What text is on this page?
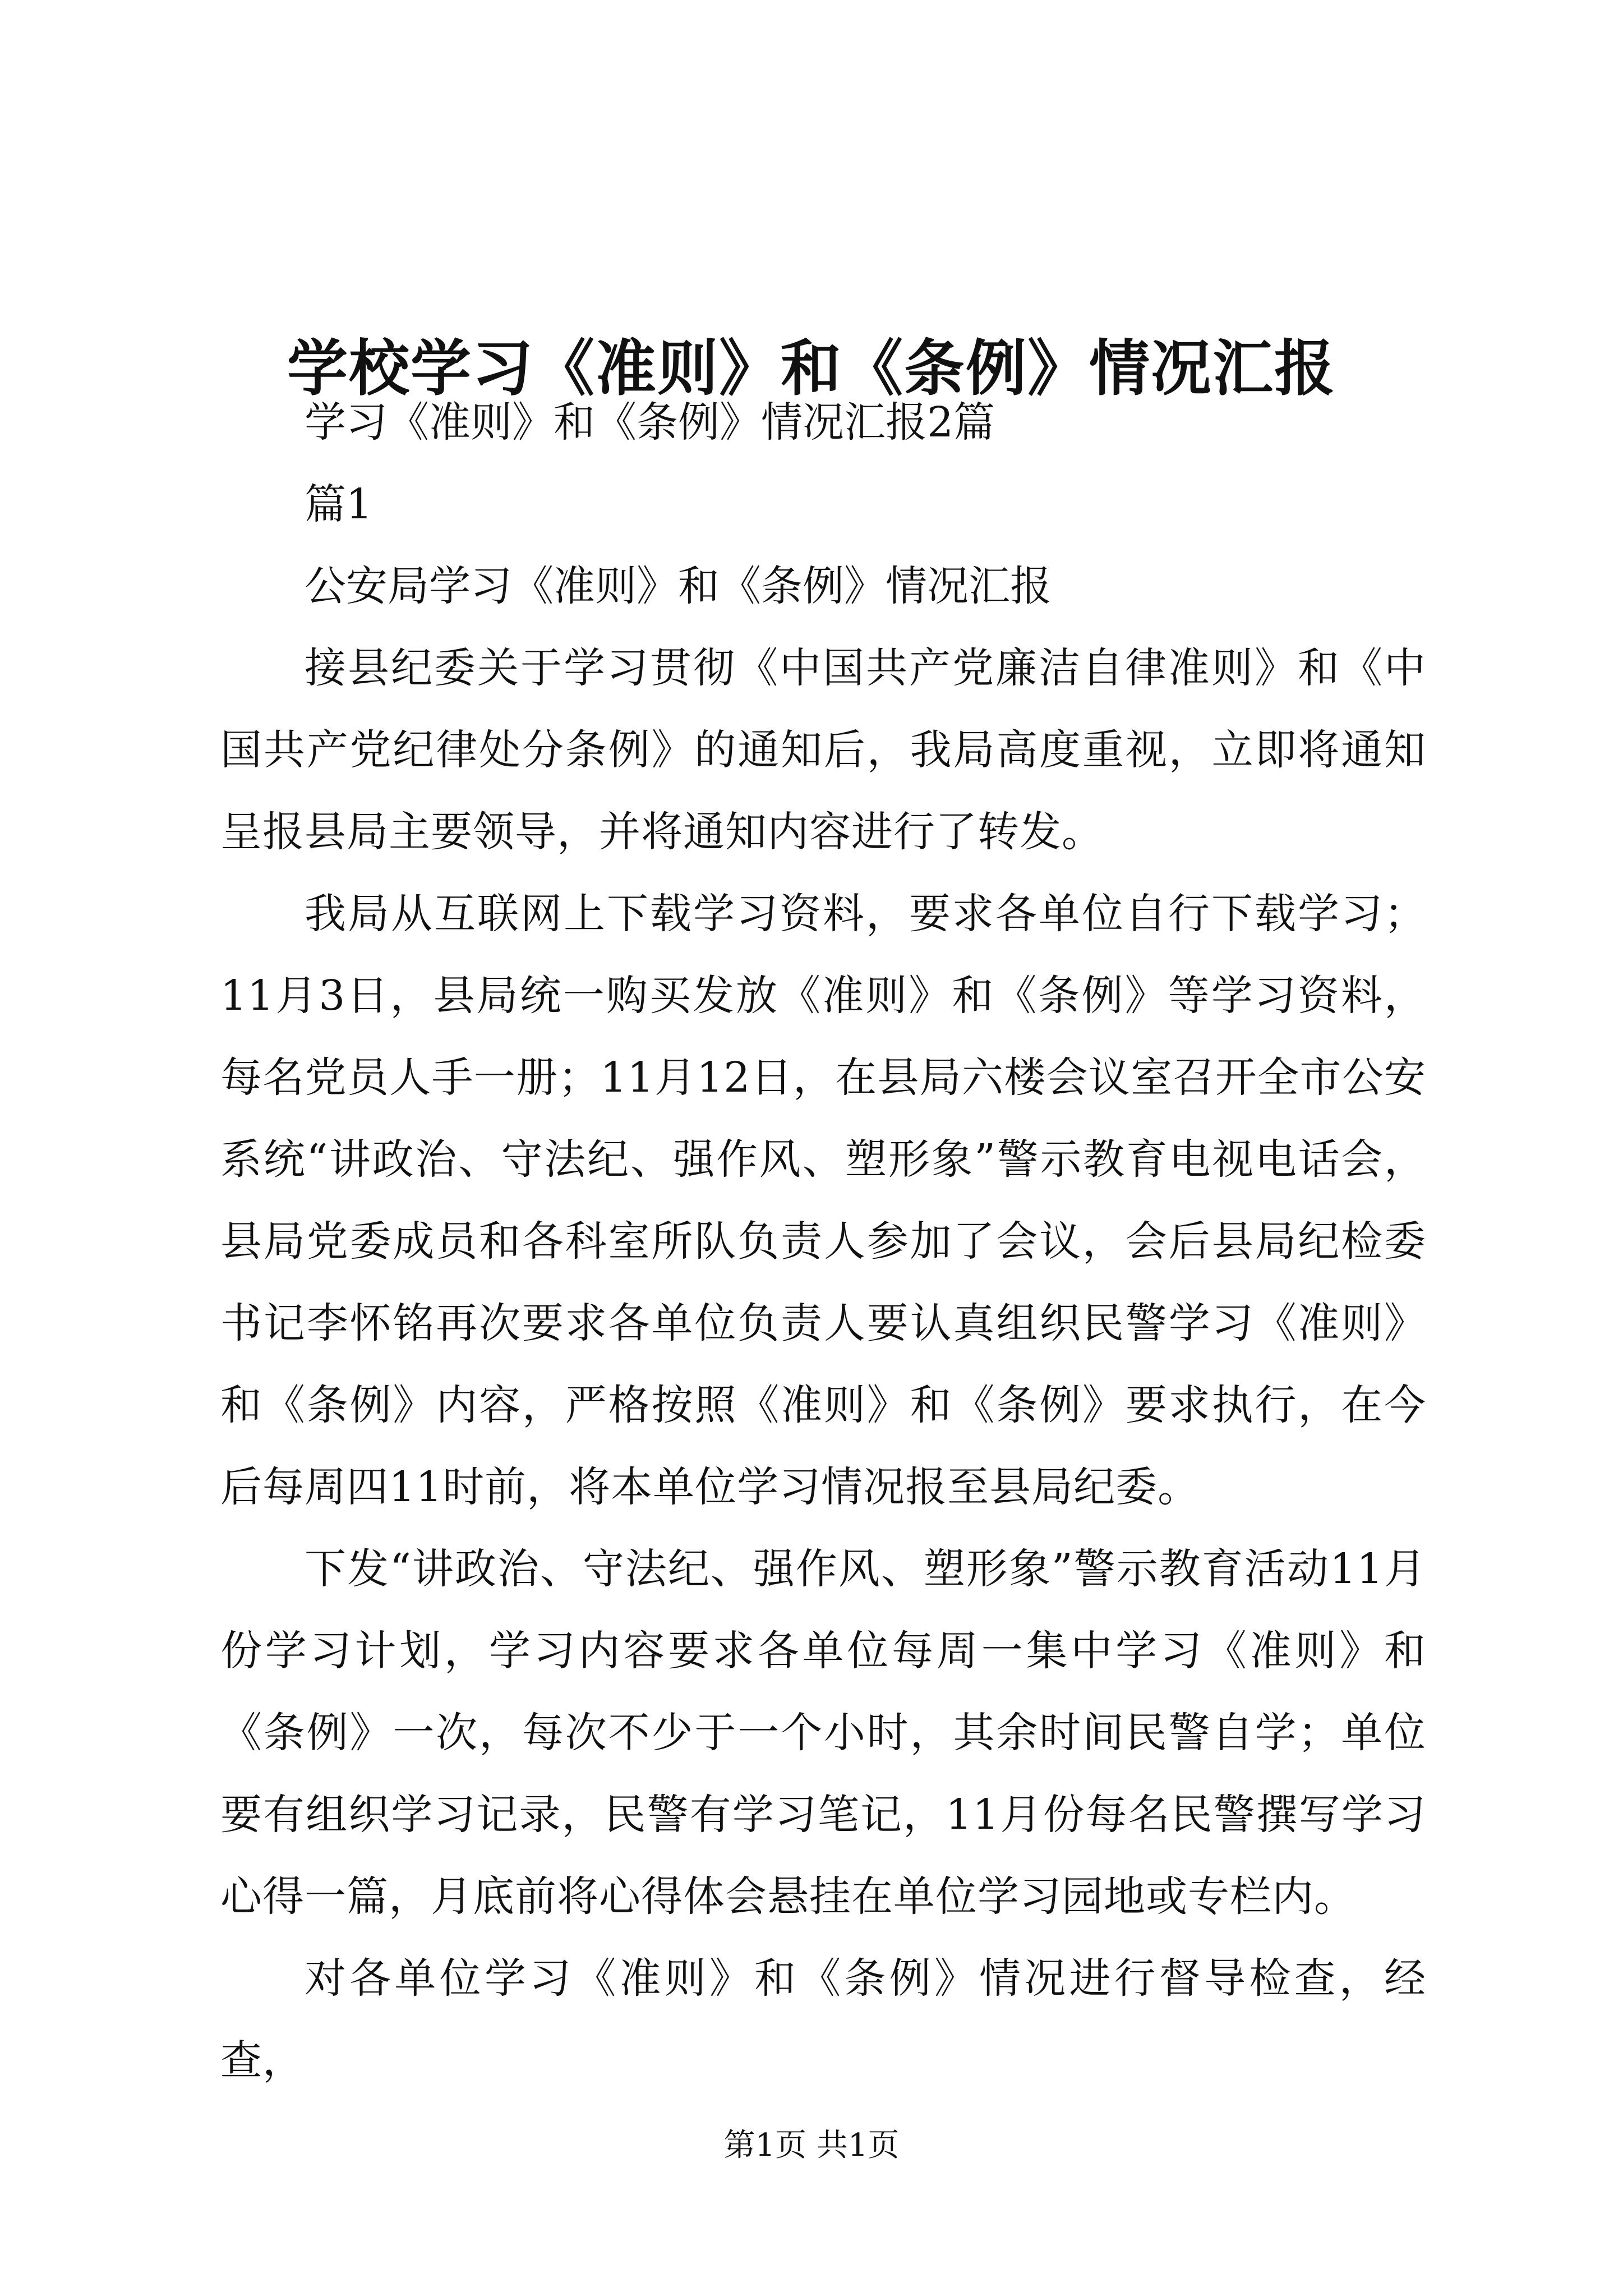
学校学习《准则》和《条例》情况汇报

学习《准则》和《条例》情况汇报2篇

篇1

公安局学习《准则》和《条例》情况汇报

接县纪委关于学习贯彻《中国共产党廉洁自律准则》和《中国共产党纪律处分条例》的通知后，我局高度重视，立即将通知呈报县局主要领导，并将通知内容进行了转发。

我局从互联网上下载学习资料，要求各单位自行下载学习；11月3日，县局统一购买发放《准则》和《条例》等学习资料，每名党员人手一册；11月12日，在县局六楼会议室召开全市公安系统“讲政治、守法纪、强作风、塑形象”警示教育电视电话会，县局党委成员和各科室所队负责人参加了会议，会后县局纪检委书记李怀铭再次要求各单位负责人要认真组织民警学习《准则》和《条例》内容，严格按照《准则》和《条例》要求执行，在今后每周四11时前，将本单位学习情况报至县局纪委。

下发“讲政治、守法纪、强作风、塑形象”警示教育活动11月份学习计划，学习内容要求各单位每周一集中学习《准则》和《条例》一次，每次不少于一个小时，其余时间民警自学；单位要有组织学习记录，民警有学习笔记，11月份每名民警撰写学习心得一篇，月底前将心得体会悬挂在单位学习园地或专栏内。

对各单位学习《准则》和《条例》情况进行督导检查，经查，

第1页 共1页
